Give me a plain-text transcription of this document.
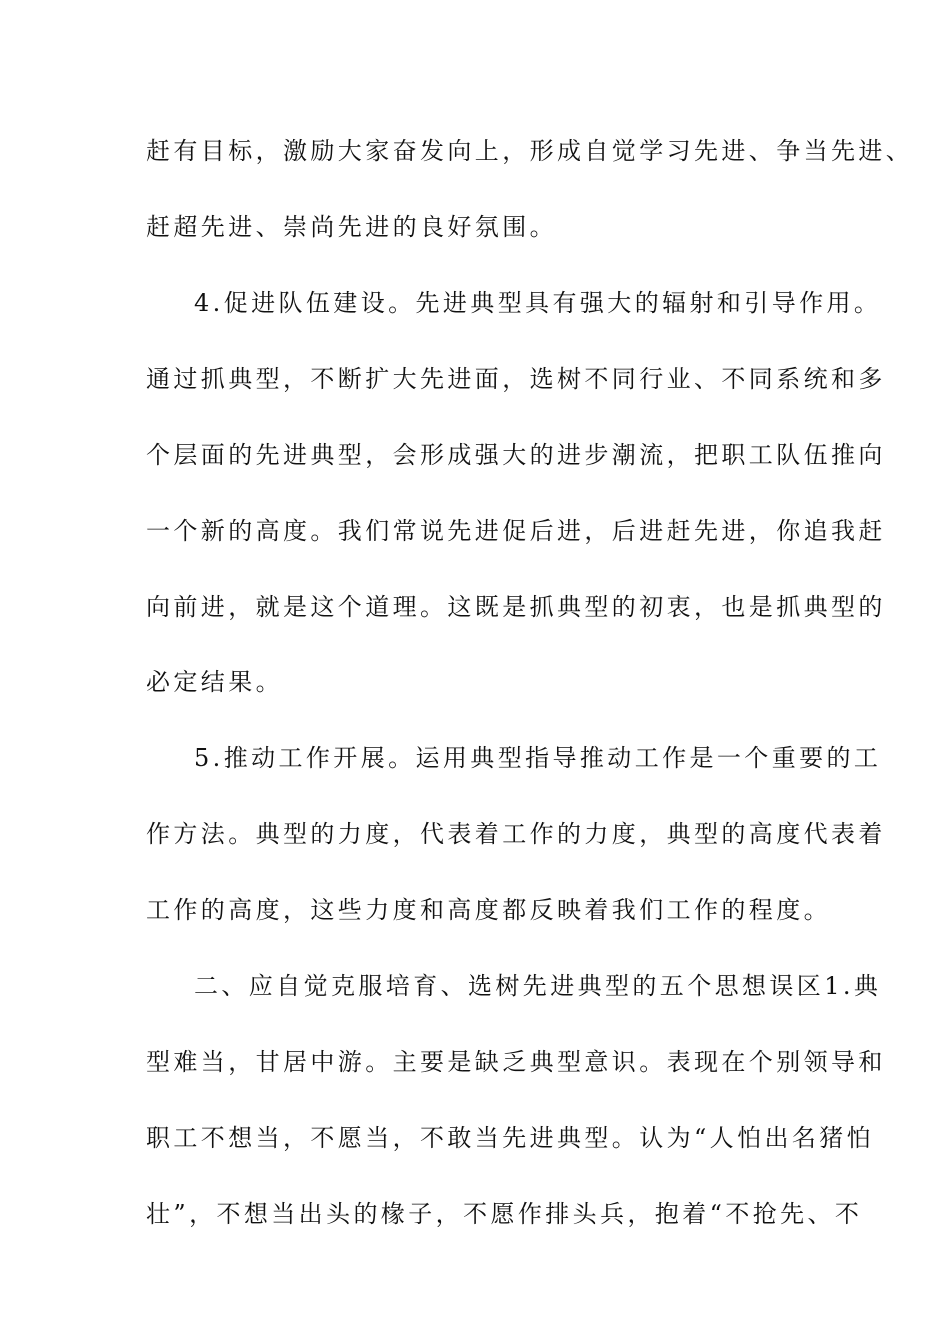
赶有目标，激励大家奋发向上，形成自觉学习先进、争当先进、
赶超先进、崇尚先进的良好氛围。
4.促进队伍建设。先进典型具有强大的辐射和引导作用。
通过抓典型，不断扩大先进面，选树不同行业、不同系统和多
个层面的先进典型，会形成强大的进步潮流，把职工队伍推向
一个新的高度。我们常说先进促后进，后进赶先进，你追我赶
向前进，就是这个道理。这既是抓典型的初衷，也是抓典型的
必定结果。
5.推动工作开展。运用典型指导推动工作是一个重要的工
作方法。典型的力度，代表着工作的力度，典型的高度代表着
工作的高度，这些力度和高度都反映着我们工作的程度。
二、应自觉克服培育、选树先进典型的五个思想误区1.典
型难当，甘居中游。主要是缺乏典型意识。表现在个别领导和
职工不想当，不愿当，不敢当先进典型。认为“人怕出名猪怕
壮”，不想当出头的椽子，不愿作排头兵，抱着“不抢先、不
